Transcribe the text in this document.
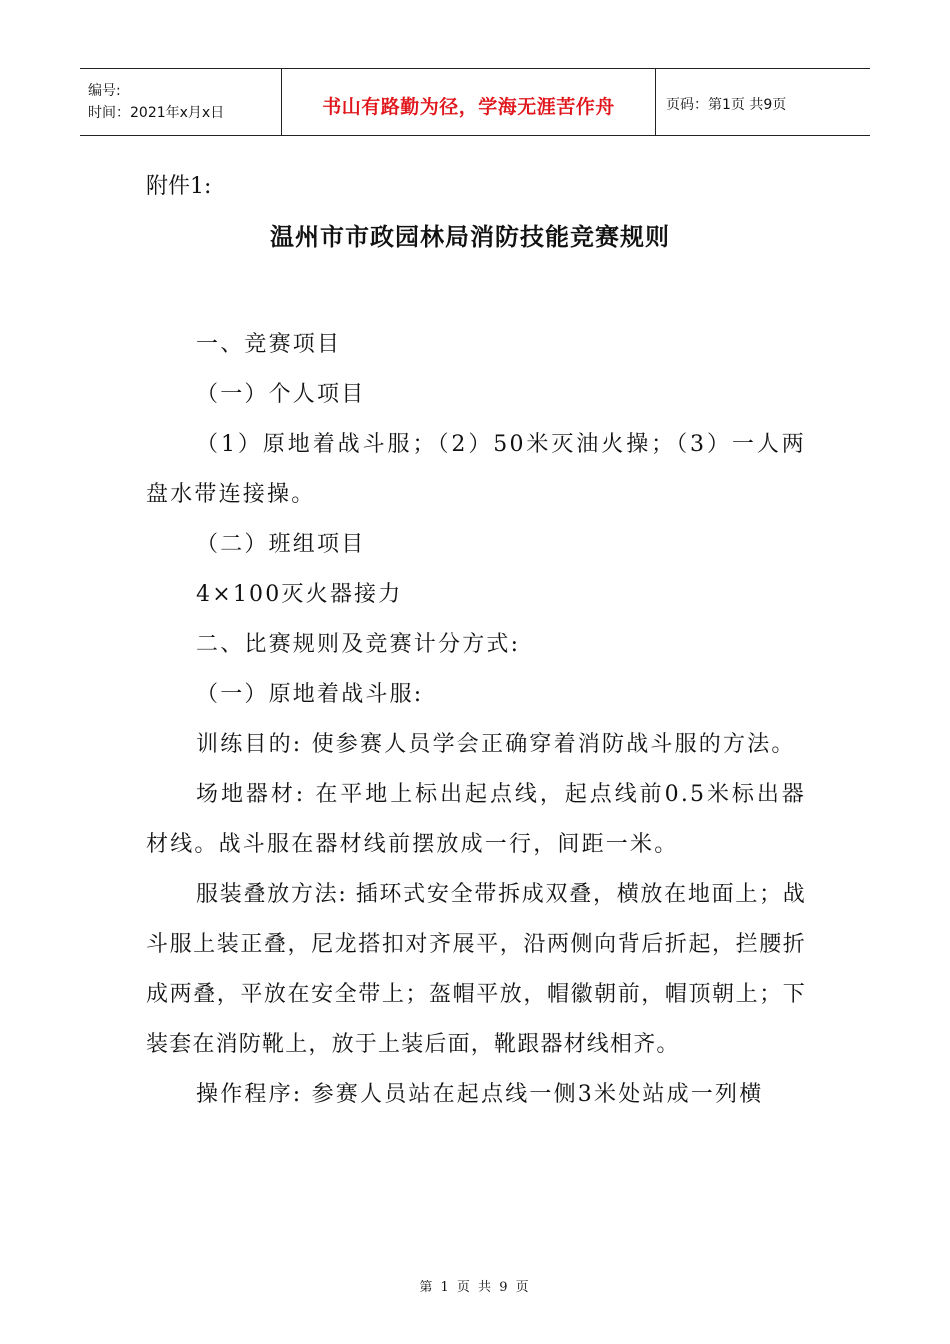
编号:
时间：2021年x月x日	书山有路勤为径，学海无涯苦作舟	页码：第1页 共9页

附件1:

温州市市政园林局消防技能竞赛规则

一、竞赛项目

（一）个人项目

（1）原地着战斗服；（2）50米灭油火操；（3）一人两盘水带连接操。

（二）班组项目

4×100灭火器接力

二、比赛规则及竞赛计分方式:

（一）原地着战斗服:

训练目的: 使参赛人员学会正确穿着消防战斗服的方法。

场地器材: 在平地上标出起点线，起点线前0.5米标出器材线。战斗服在器材线前摆放成一行，间距一米。

服装叠放方法: 插环式安全带拆成双叠，横放在地面上；战斗服上装正叠，尼龙搭扣对齐展平，沿两侧向背后折起，拦腰折成两叠，平放在安全带上；盔帽平放，帽徽朝前，帽顶朝上；下装套在消防靴上，放于上装后面，靴跟器材线相齐。

操作程序: 参赛人员站在起点线一侧3米处站成一列横

第 1 页 共 9 页
